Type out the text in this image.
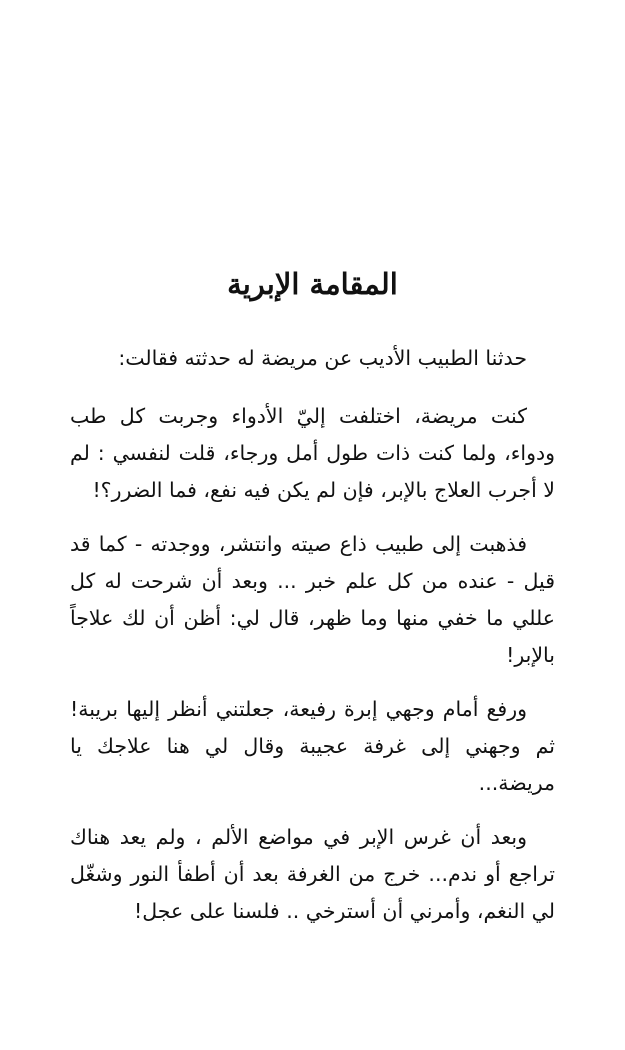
المقامة الإبرية

حدثنا الطبيب الأديب عن مريضة له حدثته فقالت:

كنت مريضة، اختلفت إليّ الأدواء وجربت كل طب ودواء، ولما كنت ذات طول أمل ورجاء، قلت لنفسي : لم لا أجرب العلاج بالإبر، فإن لم يكن فيه نفع، فما الضرر؟!

فذهبت إلى طبيب ذاع صيته وانتشر، ووجدته - كما قد قيل - عنده من كل علم خبر ... وبعد أن شرحت له كل عللي ما خفي منها وما ظهر، قال لي: أظن أن لك علاجاً بالإبر!

ورفع أمام وجهي إبرة رفيعة، جعلتني أنظر إليها بريبة! ثم وجهني إلى غرفة عجيبة وقال لي هنا علاجك يا مريضة...

وبعد أن غرس الإبر في مواضع الألم ، ولم يعد هناك تراجع أو ندم... خرج من الغرفة بعد أن أطفأ النور وشغّل لي النغم، وأمرني أن أسترخي .. فلسنا على عجل!
